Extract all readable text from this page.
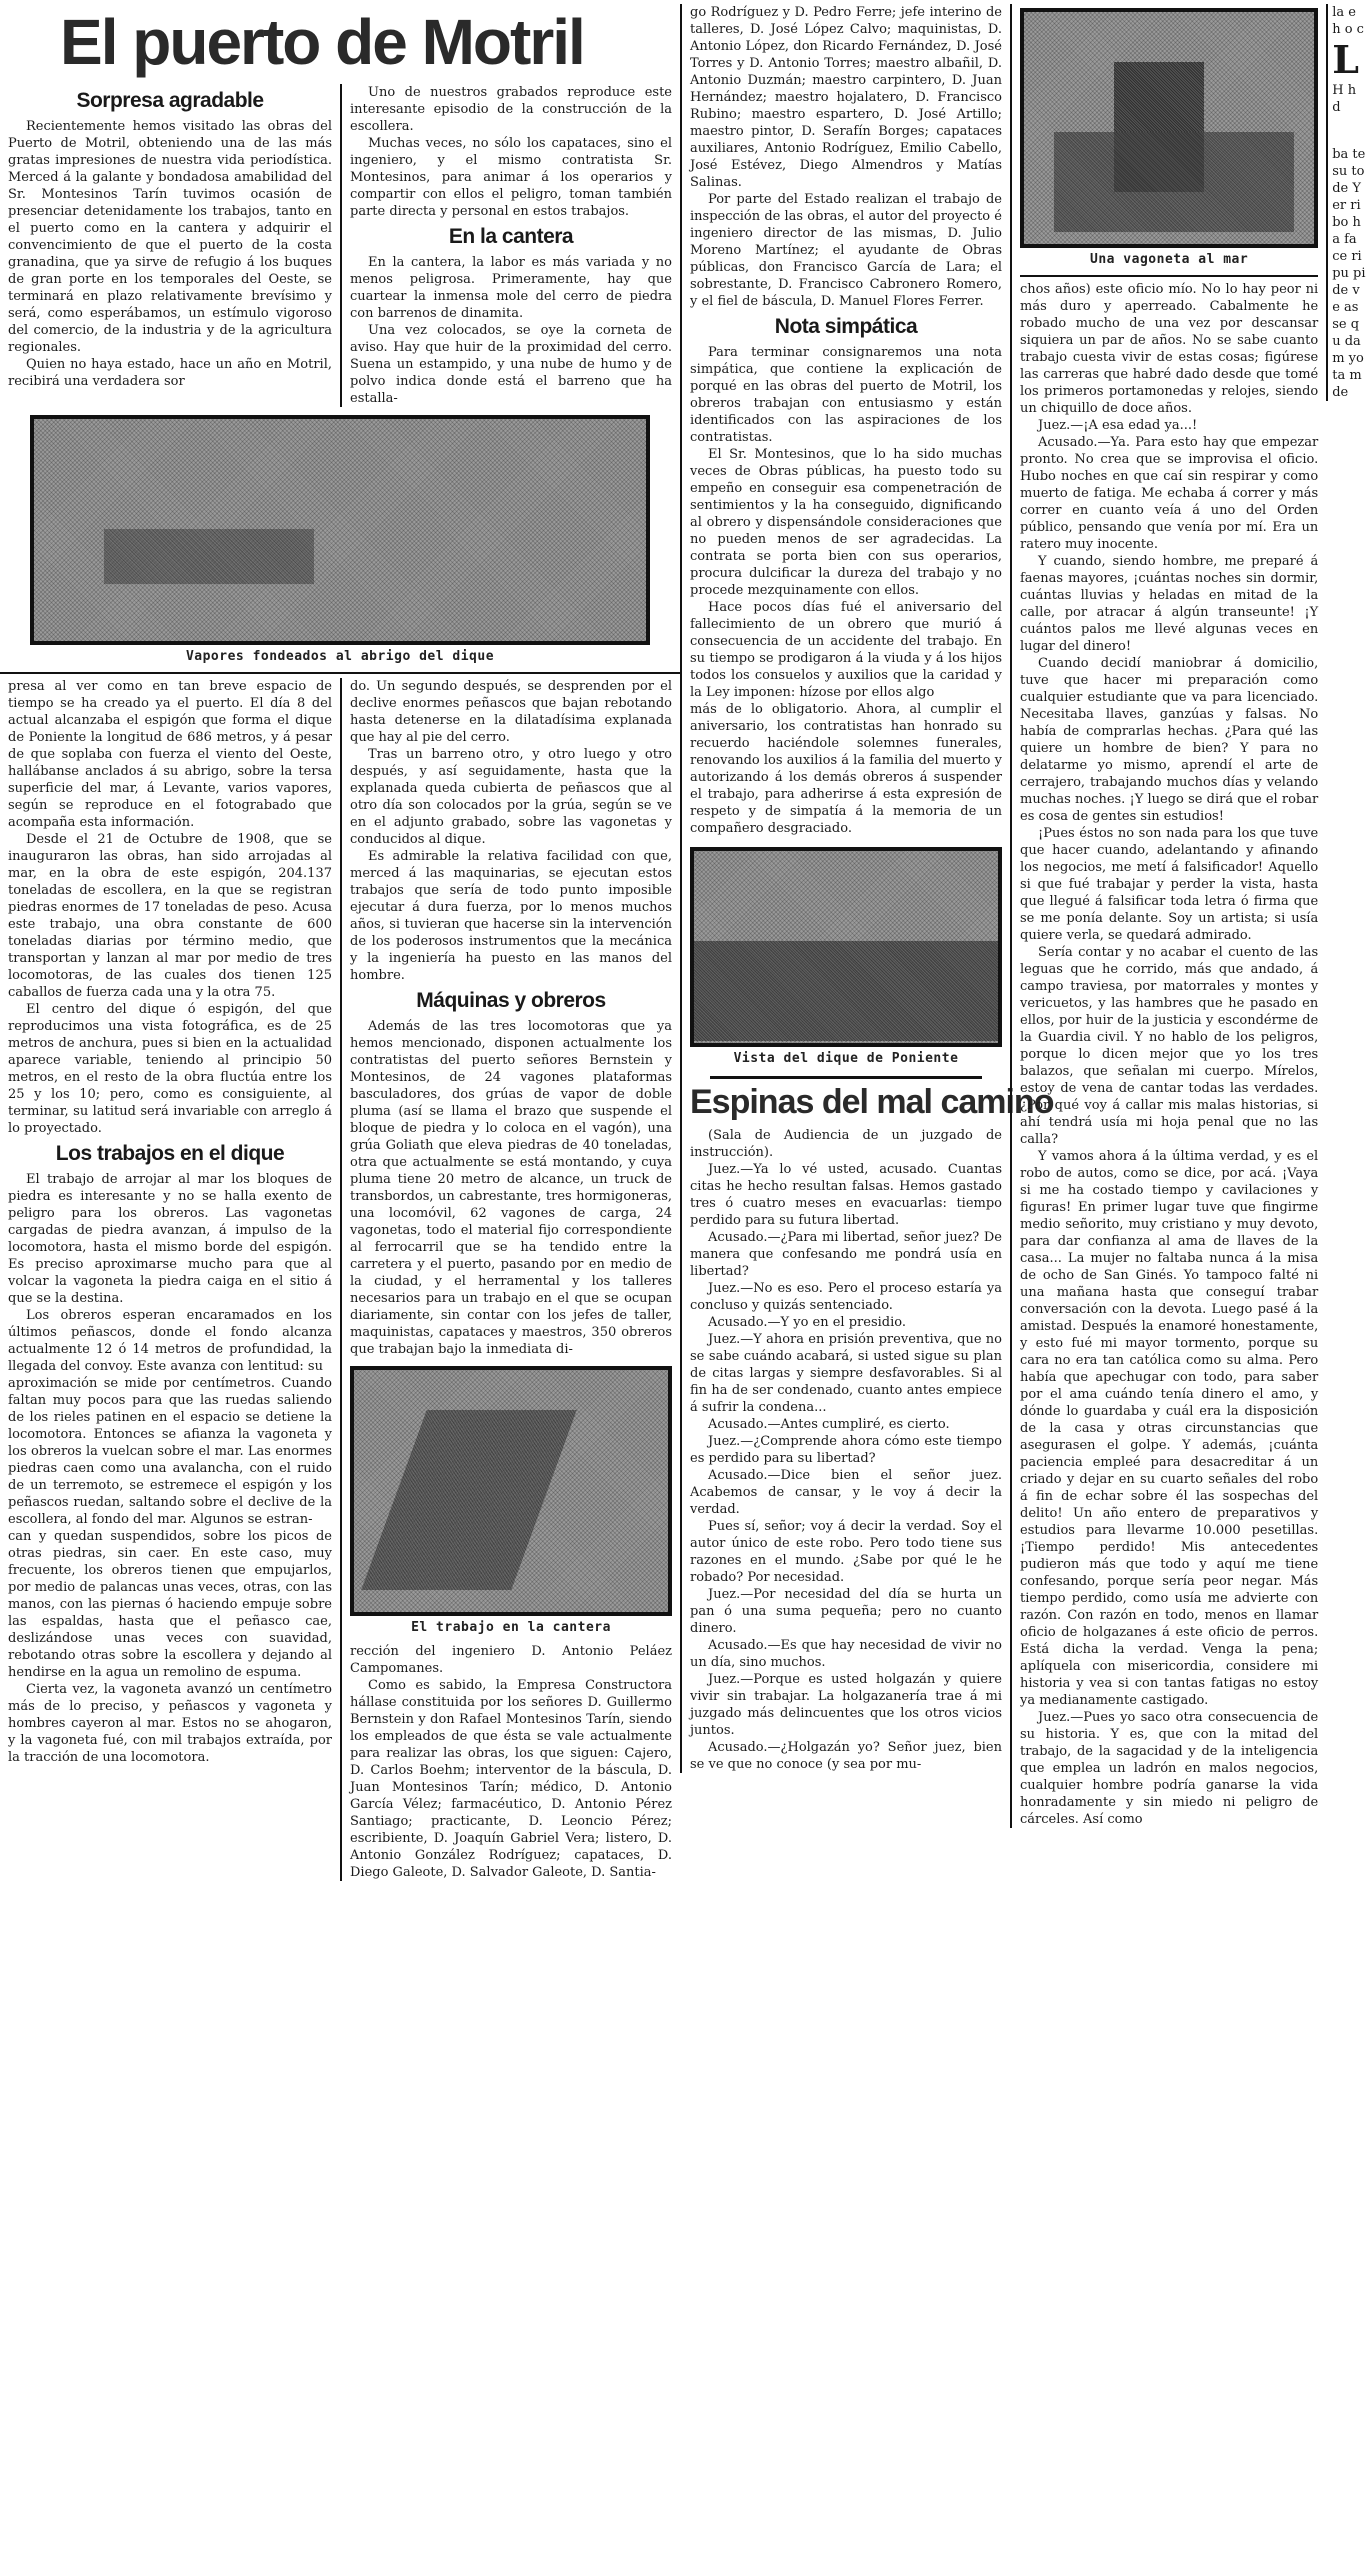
El puerto de Motril
Sorpresa agradable

Recientemente hemos visitado las obras del Puerto de Motril, obteniendo una de las más gratas impresiones de nuestra vida periodística. Merced á la galante y bondadosa amabilidad del Sr. Montesinos Tarín tuvimos ocasión de presenciar detenidamente los trabajos, tanto en el puerto como en la cantera y adquirir el convencimiento de que el puerto de la costa granadina, que ya sirve de refugio á los buques de gran porte en los temporales del Oeste, se terminará en plazo relativamente brevísimo y será, como esperábamos, un estímulo vigoroso del comercio, de la industria y de la agricultura regionales.

Quien no haya estado, hace un año en Motril, recibirá una verdadera sor

Uno de nuestros grabados reproduce este interesante episodio de la construcción de la escollera.

Muchas veces, no sólo los capataces, sino el ingeniero, y el mismo contratista Sr. Montesinos, para animar á los operarios y compartir con ellos el peligro, toman también parte directa y personal en estos trabajos.

En la cantera

En la cantera, la labor es más variada y no menos peligrosa. Primeramente, hay que cuartear la inmensa mole del cerro de piedra con barrenos de dinamita.

Una vez colocados, se oye la corneta de aviso. Hay que huir de la proximidad del cerro. Suena un estampido, y una nube de humo y de polvo indica donde está el barreno que ha estalla-

Vapores fondeados al abrigo del dique

presa al ver como en tan breve espacio de tiempo se ha creado ya el puerto. El día 8 del actual alcanzaba el espigón que forma el dique de Poniente la longitud de 686 metros, y á pesar de que soplaba con fuerza el viento del Oeste, hallábanse anclados á su abrigo, sobre la tersa superficie del mar, á Levante, varios vapores, según se reproduce en el fotograbado que acompaña esta información.

Desde el 21 de Octubre de 1908, que se inauguraron las obras, han sido arrojadas al mar, en la obra de este espigón, 204.137 toneladas de escollera, en la que se registran piedras enormes de 17 toneladas de peso. Acusa este trabajo, una obra constante de 600 toneladas diarias por término medio, que transportan y lanzan al mar por medio de tres locomotoras, de las cuales dos tienen 125 caballos de fuerza cada una y la otra 75.

El centro del dique ó espigón, del que reproducimos una vista fotográfica, es de 25 metros de anchura, pues si bien en la actualidad aparece variable, teniendo al principio 50 metros, en el resto de la obra fluctúa entre los 25 y los 10; pero, como es consiguiente, al terminar, su latitud será invariable con arreglo á lo proyectado.

Los trabajos en el dique

El trabajo de arrojar al mar los bloques de piedra es interesante y no se halla exento de peligro para los obreros. Las vagonetas cargadas de piedra avanzan, á impulso de la locomotora, hasta el mismo borde del espigón. Es preciso aproximarse mucho para que al volcar la vagoneta la piedra caiga en el sitio á que se la destina.

Los obreros esperan encaramados en los últimos peñascos, donde el fondo alcanza actualmente 12 ó 14 metros de profundidad, la llegada del convoy. Este avanza con lentitud: su

aproximación se mide por centímetros. Cuando faltan muy pocos para que las ruedas saliendo de los rieles patinen en el espacio se detiene la locomotora. Entonces se afianza la vagoneta y los obreros la vuelcan sobre el mar. Las enormes piedras caen como una avalancha, con el ruido de un terremoto, se estremece el espigón y los peñascos ruedan, saltando sobre el declive de la escollera, al fondo del mar. Algunos se estran-

can y quedan suspendidos, sobre los picos de otras piedras, sin caer. En este caso, muy frecuente, los obreros tienen que empujarlos, por medio de palancas unas veces, otras, con las manos, con las piernas ó haciendo empuje sobre las espaldas, hasta que el peñasco cae, deslizándose unas veces con suavidad, rebotando otras sobre la escollera y dejando al hendirse en la agua un remolino de espuma.

Cierta vez, la vagoneta avanzó un centímetro más de lo preciso, y peñascos y vagoneta y hombres cayeron al mar. Estos no se ahogaron, y la vagoneta fué, con mil trabajos extraída, por la tracción de una locomotora.

do. Un segundo después, se desprenden por el declive enormes peñascos que bajan rebotando hasta detenerse en la dilatadísima explanada que hay al pie del cerro.

Tras un barreno otro, y otro luego y otro después, y así seguidamente, hasta que la explanada queda cubierta de peñascos que al otro día son colocados por la grúa, según se ve en el adjunto grabado, sobre las vagonetas y conducidos al dique.

Es admirable la relativa facilidad con que, merced á las maquinarias, se ejecutan estos trabajos que sería de todo punto imposible ejecutar á dura fuerza, por lo menos muchos años, si tuvieran que hacerse sin la intervención de los poderosos instrumentos que la mecánica y la ingeniería ha puesto en las manos del hombre.

Máquinas y obreros

Además de las tres locomotoras que ya hemos mencionado, disponen actualmente los contratistas del puerto señores Bernstein y Montesinos, de 24 vagones plataformas basculadores, dos grúas de vapor de doble pluma (así se llama el brazo que suspende el bloque de piedra y lo coloca en el vagón), una grúa Goliath que eleva piedras de 40 toneladas, otra que actualmente se está montando, y cuya pluma tiene 20 metro de alcance, un truck de transbordos, un cabrestante, tres hormigoneras, una locomóvil, 62 vagones de carga, 24 vagonetas, todo el material fijo correspondiente al ferrocarril que se ha tendido entre la carretera y el puerto, pasando por en medio de la ciudad, y el herramental y los talleres necesarios para un trabajo en el que se ocupan diariamente, sin contar con los jefes de taller, maquinistas, capataces y maestros, 350 obreros que trabajan bajo la inmediata di-

El trabajo en la cantera

rección del ingeniero D. Antonio Peláez Campomanes.

Como es sabido, la Empresa Constructora hállase constituida por los señores D. Guillermo Bernstein y don Rafael Montesinos Tarín, siendo los empleados de que ésta se vale actualmente para realizar las obras, los que siguen: Cajero, D. Carlos Boehm; interventor de la báscula, D. Juan Montesinos Tarín; médico, D. Antonio García Vélez; farmacéutico, D. Antonio Pérez Santiago; practicante, D. Leoncio Pérez; escribiente, D. Joaquín Gabriel Vera; listero, D. Antonio González Rodríguez; capataces, D. Diego Galeote, D. Salvador Galeote, D. Santia-

go Rodríguez y D. Pedro Ferre; jefe interino de talleres, D. José López Calvo; maquinistas, D. Antonio López, don Ricardo Fernández, D. José Torres y D. Antonio Torres; maestro albañil, D. Antonio Duzmán; maestro carpintero, D. Juan Hernández; maestro hojalatero, D. Francisco Rubino; maestro espartero, D. José Artillo; maestro pintor, D. Serafín Borges; capataces auxiliares, Antonio Rodríguez, Emilio Cabello, José Estévez, Diego Almendros y Matías Salinas.

Por parte del Estado realizan el trabajo de inspección de las obras, el autor del proyecto é ingeniero director de las mismas, D. Julio Moreno Martínez; el ayudante de Obras públicas, don Francisco García de Lara; el sobrestante, D. Francisco Cabronero Romero, y el fiel de báscula, D. Manuel Flores Ferrer.

Nota simpática

Para terminar consignaremos una nota simpática, que contiene la explicación de porqué en las obras del puerto de Motril, los obreros trabajan con entusiasmo y están identificados con las aspiraciones de los contratistas.

El Sr. Montesinos, que lo ha sido muchas veces de Obras públicas, ha puesto todo su empeño en conseguir esa compenetración de sentimientos y la ha conseguido, dignificando al obrero y dispensándole consideraciones que no pueden menos de ser agradecidas. La contrata se porta bien con sus operarios, procura dulcificar la dureza del trabajo y no procede mezquinamente con ellos.

Hace pocos días fué el aniversario del fallecimiento de un obrero que murió á consecuencia de un accidente del trabajo. En su tiempo se prodigaron á la viuda y á los hijos todos los consuelos y auxilios que la caridad y la Ley imponen: hízose por ellos algo

más de lo obligatorio. Ahora, al cumplir el aniversario, los contratistas han honrado su recuerdo haciéndole solemnes funerales, renovando los auxilios á la familia del muerto y autorizando á los demás obreros á suspender el trabajo, para adherirse á esta expresión de respeto y de simpatía á la memoria de un compañero desgraciado.

Vista del dique de Poniente
Espinas del mal camino

(Sala de Audiencia de un juzgado de instrucción).

Juez.—Ya lo vé usted, acusado. Cuantas citas he hecho resultan falsas. Hemos gastado tres ó cuatro meses en evacuarlas: tiempo perdido para su futura libertad.

Acusado.—¿Para mi libertad, señor juez? De manera que confesando me pondrá usía en libertad?

Juez.—No es eso. Pero el proceso estaría ya concluso y quizás sentenciado.

Acusado.—Y yo en el presidio.

Juez.—Y ahora en prisión preventiva, que no se sabe cuándo acabará, si usted sigue su plan de citas largas y siempre desfavorables. Si al fin ha de ser condenado, cuanto antes empiece á sufrir la condena...

Acusado.—Antes cumpliré, es cierto.

Juez.—¿Comprende ahora cómo este tiempo es perdido para su libertad?

Acusado.—Dice bien el señor juez. Acabemos de cansar, y le voy á decir la verdad.

Pues sí, señor; voy á decir la verdad. Soy el autor único de este robo. Pero todo tiene sus razones en el mundo. ¿Sabe por qué le he robado? Por necesidad.

Juez.—Por necesidad del día se hurta un pan ó una suma pequeña; pero no cuanto dinero.

Acusado.—Es que hay necesidad de vivir no un día, sino muchos.

Juez.—Porque es usted holgazán y quiere vivir sin trabajar. La holgazanería trae á mi juzgado más delincuentes que los otros vicios juntos.

Acusado.—¿Holgazán yo? Señor juez, bien se ve que no conoce (y sea por mu-

Una vagoneta al mar

chos años) este oficio mío. No lo hay peor ni más duro y aperreado. Cabalmente he robado mucho de una vez por descansar siquiera un par de años. No se sabe cuanto trabajo cuesta vivir de estas cosas; figúrese las carreras que habré dado desde que tomé los primeros portamonedas y relojes, siendo un chiquillo de doce años.

Juez.—¡A esa edad ya...!

Acusado.—Ya. Para esto hay que empezar pronto. No crea que se improvisa el oficio. Hubo noches en que caí sin respirar y como muerto de fatiga. Me echaba á correr y más correr en cuanto veía á uno del Orden público, pensando que venía por mí. Era un ratero muy inocente.

Y cuando, siendo hombre, me preparé á faenas mayores, ¡cuántas noches sin dormir, cuántas lluvias y heladas en mitad de la calle, por atracar á algún transeunte! ¡Y cuántos palos me llevé algunas veces en lugar del dinero!

Cuando decidí maniobrar á domicilio, tuve que hacer mi preparación como cualquier estudiante que va para licenciado. Necesitaba llaves, ganzúas y falsas. No había de comprarlas hechas. ¿Para qué las quiere un hombre de bien? Y para no delatarme yo mismo, aprendí el arte de cerrajero, trabajando muchos días y velando muchas noches. ¡Y luego se dirá que el robar es cosa de gentes sin estudios!

¡Pues éstos no son nada para los que tuve que hacer cuando, adelantando y afinando los negocios, me metí á falsificador! Aquello si que fué trabajar y perder la vista, hasta que llegué á falsificar toda letra ó firma que se me ponía delante. Soy un artista; si usía quiere verla, se quedará admirado.

Sería contar y no acabar el cuento de las leguas que he corrido, más que andado, á campo traviesa, por matorrales y montes y vericuetos, y las hambres que he pasado en ellos, por huir de la justicia y escondérme de la Guardia civil. Y no hablo de los peligros, porque lo dicen mejor que yo los tres balazos, que señalan mi cuerpo. Mírelos, estoy de vena de cantar todas las verdades. ¿Por qué voy á callar mis malas historias, si ahí tendrá usía mi hoja penal que no las calla?

Y vamos ahora á la última verdad, y es el robo de autos, como se dice, por acá. ¡Vaya si me ha costado tiempo y cavilaciones y figuras! En primer lugar tuve que fingirme medio señorito, muy cristiano y muy devoto, para dar confianza al ama de llaves de la casa... La mujer no faltaba nunca á la misa de ocho de San Ginés. Yo tampoco falté ni una mañana hasta que conseguí trabar conversación con la devota. Luego pasé á la amistad. Después la enamoré honestamente, y esto fué mi mayor tormento, porque su cara no era tan católica como su alma. Pero había que apechugar con todo, para saber por el ama cuándo tenía dinero el amo, y dónde lo guardaba y cuál era la disposición de la casa y otras circunstancias que asegurasen el golpe. Y además, ¡cuánta paciencia empleé para desacreditar á un criado y dejar en su cuarto señales del robo á fin de echar sobre él las sospechas del delito! Un año entero de preparativos y estudios para llevarme 10.000 pesetillas. ¡Tiempo perdido! Mis antecedentes pudieron más que todo y aquí me tiene confesando, porque sería peor negar. Más tiempo perdido, como usía me advierte con razón. Con razón en todo, menos en llamar oficio de holgazanes á este oficio de perros. Está dicha la verdad. Venga la pena; aplíquela con misericordia, considere mi historia y vea si con tantas fatigas no estoy ya medianamente castigado.

Juez.—Pues yo saco otra consecuencia de su historia. Y es, que con la mitad del trabajo, de la sagacidad y de la inteligencia que emplea un ladrón en malos negocios, cualquier hombre podría ganarse la vida honradamente y sin miedo ni peligro de cárceles. Así como

la e h o c
L
H h d
ba te su to de Y er ri bo ha fa ce ri pu pi de ve as se qu da m yo ta m de
